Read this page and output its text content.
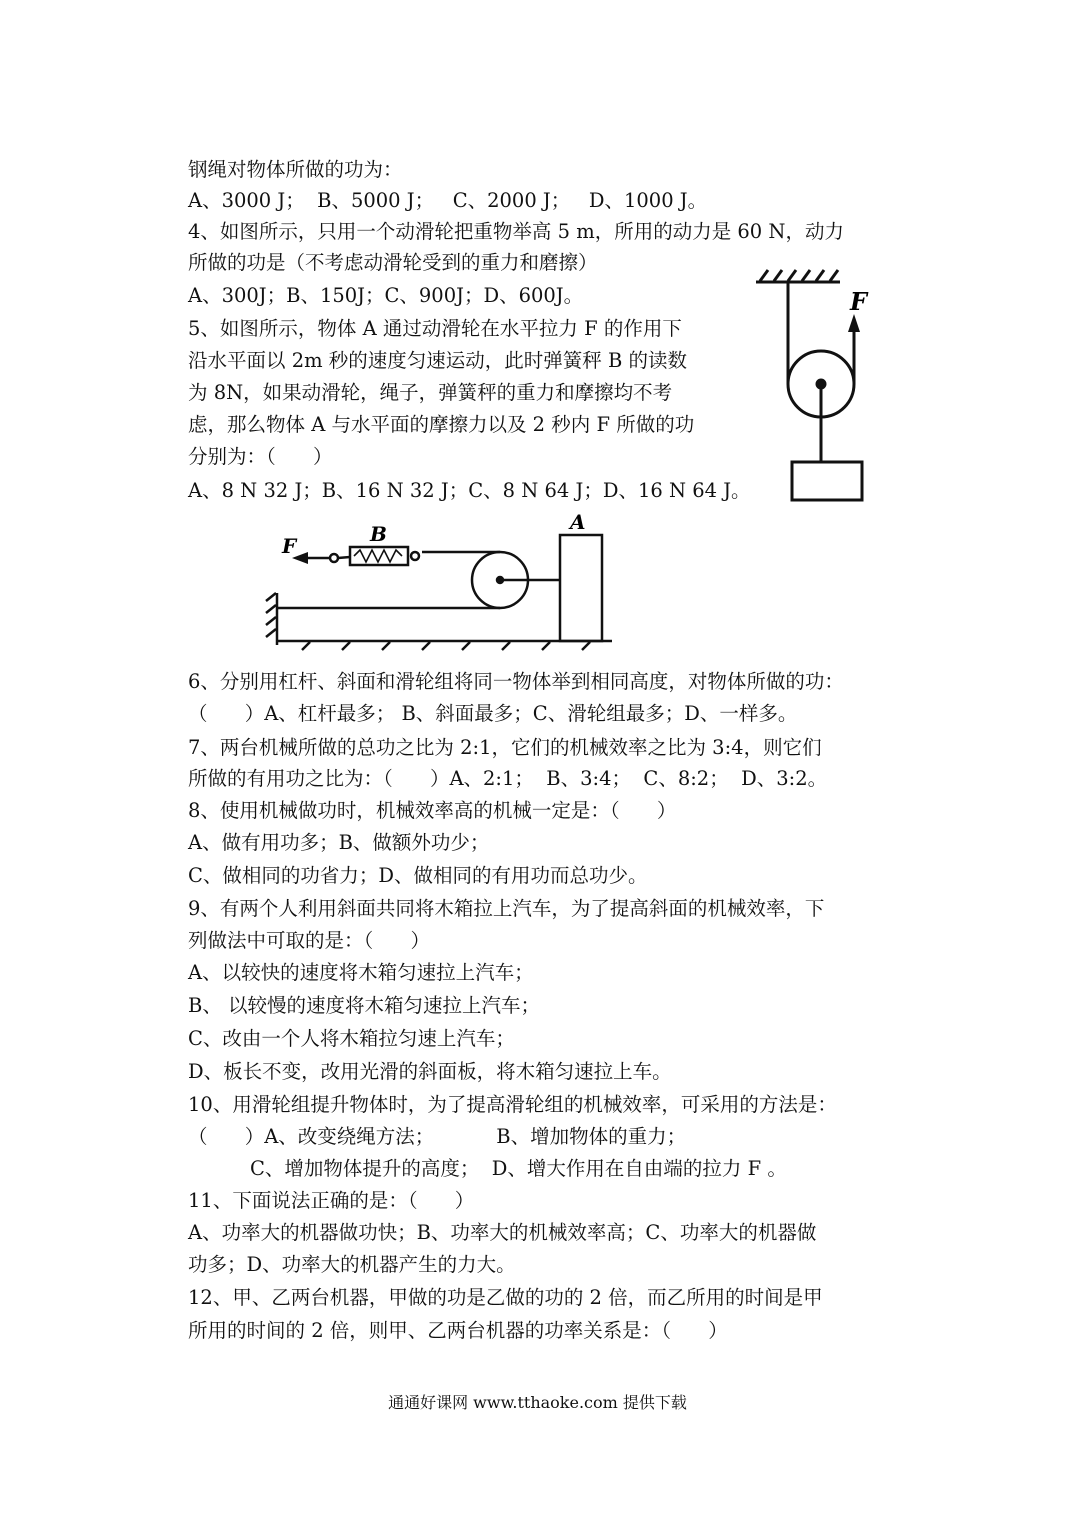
钢绳对物体所做的功为：
A、3000 J；  B、5000 J；   C、2000 J；   D、1000 J。
4、如图所示，只用一个动滑轮把重物举高 5 m，所用的动力是 60 N，动力
所做的功是（不考虑动滑轮受到的重力和磨擦）
A、300J；B、150J；C、900J；D、600J。
5、如图所示，物体 A 通过动滑轮在水平拉力 F 的作用下
沿水平面以 2m 秒的速度匀速运动，此时弹簧秤 B 的读数
为 8N，如果动滑轮，绳子，弹簧秤的重力和摩擦均不考
虑，那么物体 A 与水平面的摩擦力以及 2 秒内 F 所做的功
分别为：（      ）
A、8 N 32 J；B、16 N 32 J；C、8 N 64 J；D、16 N 64 J。
6、分别用杠杆、斜面和滑轮组将同一物体举到相同高度，对物体所做的功：
（      ）A、杠杆最多； B、斜面最多；C、滑轮组最多；D、一样多。
7、两台机械所做的总功之比为 2:1，它们的机械效率之比为 3:4，则它们
所做的有用功之比为：（      ）A、2:1；  B、3:4；  C、8:2；  D、3:2。
8、使用机械做功时，机械效率高的机械一定是：（      ）
A、做有用功多；B、做额外功少；
C、做相同的功省力；D、做相同的有用功而总功少。
9、有两个人利用斜面共同将木箱拉上汽车，为了提高斜面的机械效率，下
列做法中可取的是：（      ）
A、以较快的速度将木箱匀速拉上汽车；
B、 以较慢的速度将木箱匀速拉上汽车；
C、改由一个人将木箱拉匀速上汽车；
D、板长不变，改用光滑的斜面板，将木箱匀速拉上车。
10、用滑轮组提升物体时，为了提高滑轮组的机械效率，可采用的方法是：
（      ）A、改变绕绳方法；          B、增加物体的重力；
C、增加物体提升的高度；  D、增大作用在自由端的拉力 F 。
11、下面说法正确的是：（      ）
A、功率大的机器做功快；B、功率大的机械效率高；C、功率大的机器做
功多；D、功率大的机器产生的力大。
12、甲、乙两台机器，甲做的功是乙做的功的 2 倍，而乙所用的时间是甲
所用的时间的 2 倍，则甲、乙两台机器的功率关系是：（      ）
F
F	B	A
通通好课网 www.tthaoke.com 提供下载
